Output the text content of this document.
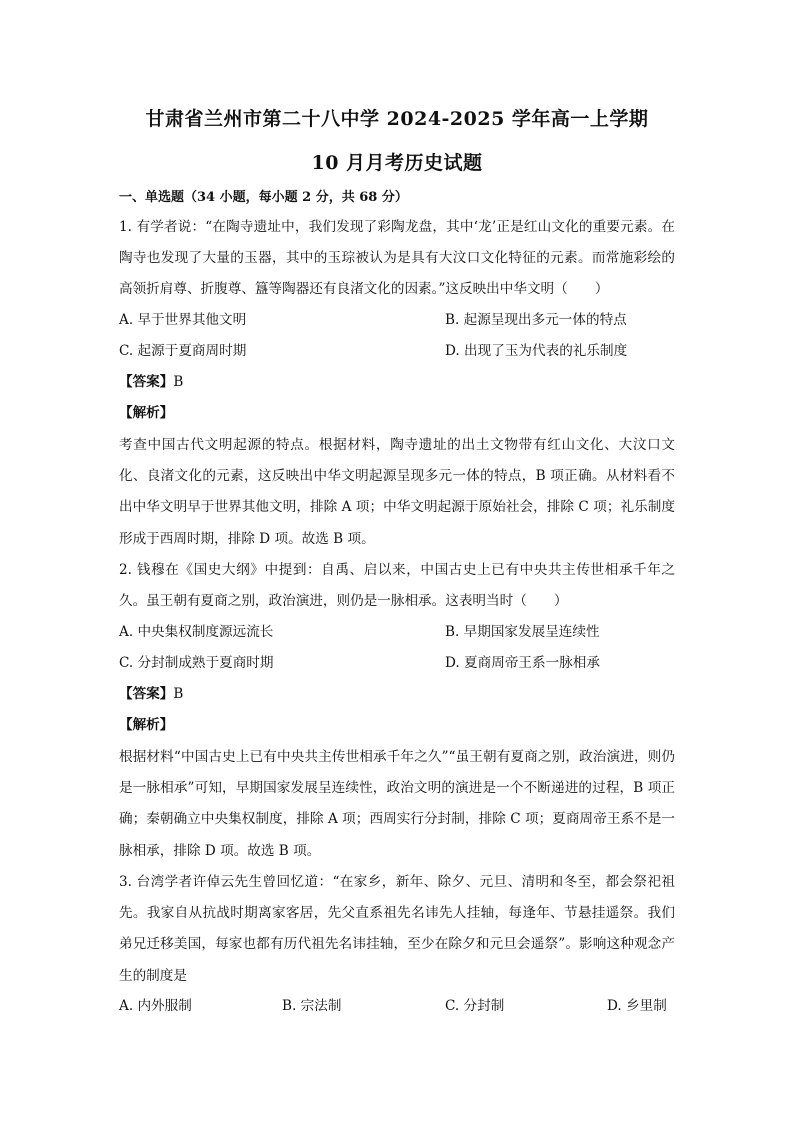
甘肃省兰州市第二十八中学 2024-2025 学年高一上学期
10 月月考历史试题
一、单选题（34 小题，每小题 2 分，共 68 分）
1. 有学者说：“在陶寺遗址中，我们发现了彩陶龙盘，其中‘龙’正是红山文化的重要元素。在陶寺也发现了大量的玉器，其中的玉琮被认为是具有大汶口文化特征的元素。而常施彩绘的高领折肩尊、折腹尊、簋等陶器还有良渚文化的因素。”这反映出中华文明（　　）
A. 早于世界其他文明	B. 起源呈现出多元一体的特点
C. 起源于夏商周时期	D. 出现了玉为代表的礼乐制度
【答案】B
【解析】
考查中国古代文明起源的特点。根据材料，陶寺遗址的出土文物带有红山文化、大汶口文化、良渚文化的元素，这反映出中华文明起源呈现多元一体的特点，B 项正确。从材料看不出中华文明早于世界其他文明，排除 A 项；中华文明起源于原始社会，排除 C 项；礼乐制度形成于西周时期，排除 D 项。故选 B 项。
2. 钱穆在《国史大纲》中提到：自禹、启以来，中国古史上已有中央共主传世相承千年之久。虽王朝有夏商之别，政治演进，则仍是一脉相承。这表明当时（　　）
A. 中央集权制度源远流长	B. 早期国家发展呈连续性
C. 分封制成熟于夏商时期	D. 夏商周帝王系一脉相承
【答案】B
【解析】
根据材料“中国古史上已有中央共主传世相承千年之久”“虽王朝有夏商之别，政治演进，则仍是一脉相承”可知，早期国家发展呈连续性，政治文明的演进是一个不断递进的过程，B 项正确；秦朝确立中央集权制度，排除 A 项；西周实行分封制，排除 C 项；夏商周帝王系不是一脉相承，排除 D 项。故选 B 项。
3. 台湾学者许倬云先生曾回忆道：“在家乡，新年、除夕、元旦、清明和冬至，都会祭祀祖先。我家自从抗战时期离家客居，先父直系祖先名讳先人挂轴，每逢年、节悬挂遥祭。我们弟兄迁移美国，每家也都有历代祖先名讳挂轴，至少在除夕和元旦会遥祭”。影响这种观念产生的制度是
A. 内外服制	B. 宗法制	C. 分封制	D. 乡里制
